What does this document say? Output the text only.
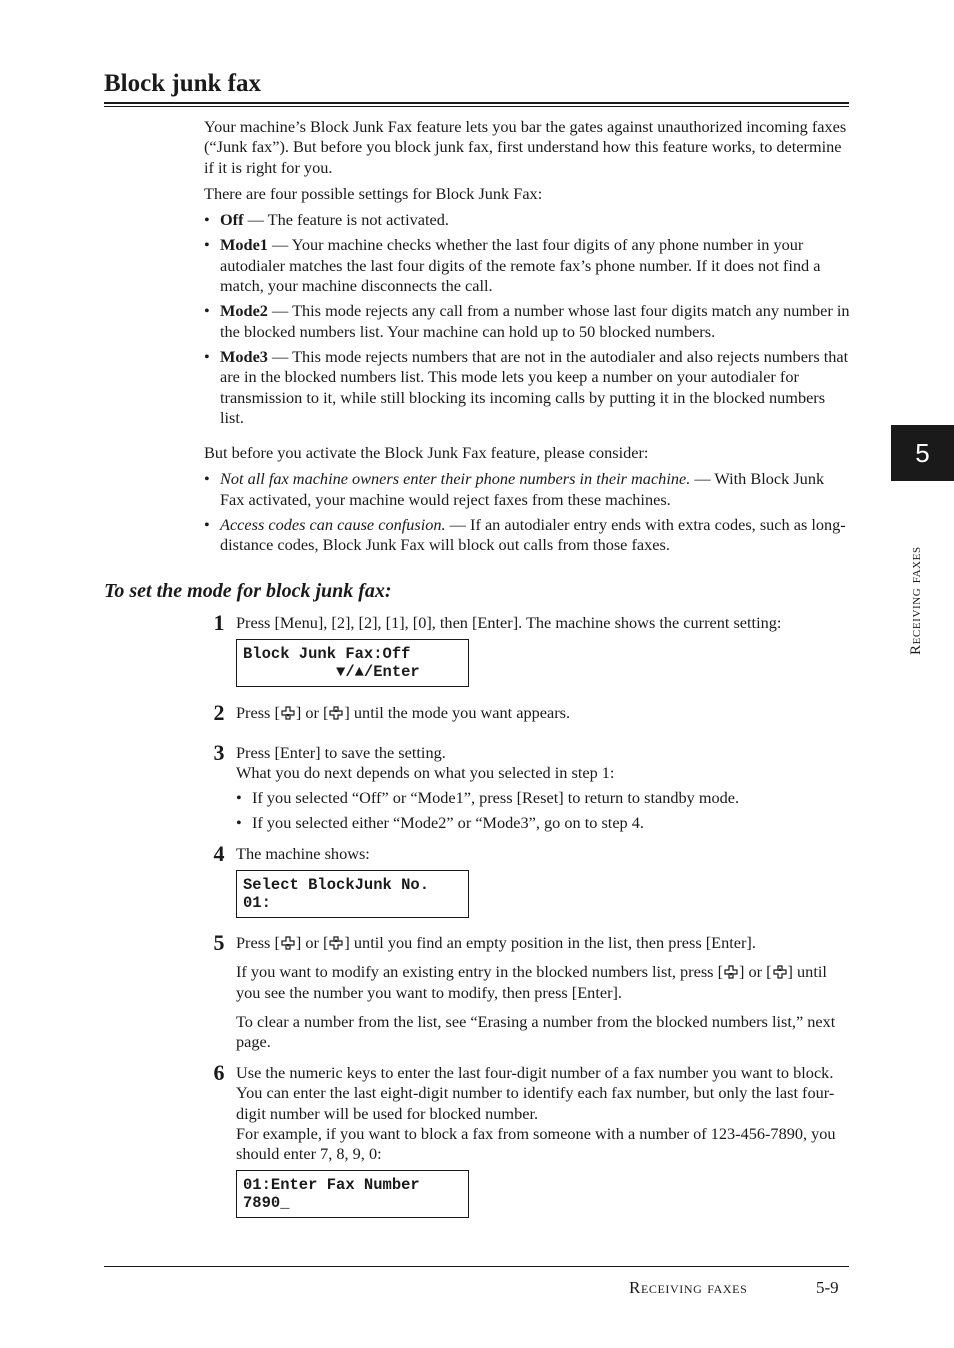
Block junk fax
5
Receiving faxes

Your machine’s Block Junk Fax feature lets you bar the gates against unauthorized incoming faxes (“Junk fax”). But before you block junk fax, first understand how this feature works, to determine if it is right for you.

There are four possible settings for Block Junk Fax:

• Off — The feature is not activated.
• Mode1 — Your machine checks whether the last four digits of any phone number in your autodialer matches the last four digits of the remote fax’s phone number. If it does not find a match, your machine disconnects the call.
• Mode2 — This mode rejects any call from a number whose last four digits match any number in the blocked numbers list. Your machine can hold up to 50 blocked numbers.
• Mode3 — This mode rejects numbers that are not in the autodialer and also rejects numbers that are in the blocked numbers list. This mode lets you keep a number on your autodialer for transmission to it, while still blocking its incoming calls by putting it in the blocked numbers list.

But before you activate the Block Junk Fax feature, please consider:

• Not all fax machine owners enter their phone numbers in their machine. — With Block Junk Fax activated, your machine would reject faxes from these machines.
• Access codes can cause confusion. — If an autodialer entry ends with extra codes, such as long-distance codes, Block Junk Fax will block out calls from those faxes.
To set the mode for block junk fax:
1 Press [Menu], [2], [2], [1], [0], then [Enter]. The machine shows the current setting:

Block Junk Fax:Off
▼/▲/Enter
2 Press [ ] or [ ] until the mode you want appears.

3 Press [Enter] to save the setting.

What you do next depends on what you selected in step 1:

• If you selected “Off” or “Mode1”, press [Reset] to return to standby mode.
• If you selected either “Mode2” or “Mode3”, go on to step 4.
4 The machine shows:

Select BlockJunk No.
01:
5 Press [ ] or [ ] until you find an empty position in the list, then press [Enter].

If you want to modify an existing entry in the blocked numbers list, press [ ] or [ ] until you see the number you want to modify, then press [Enter].

To clear a number from the list, see “Erasing a number from the blocked numbers list,” next page.

6 Use the numeric keys to enter the last four-digit number of a fax number you want to block. You can enter the last eight-digit number to identify each fax number, but only the last four-digit number will be used for blocked number.

For example, if you want to block a fax from someone with a number of 123-456-7890, you should enter 7, 8, 9, 0:

01:Enter Fax Number
7890_
Receiving faxes	5-9
